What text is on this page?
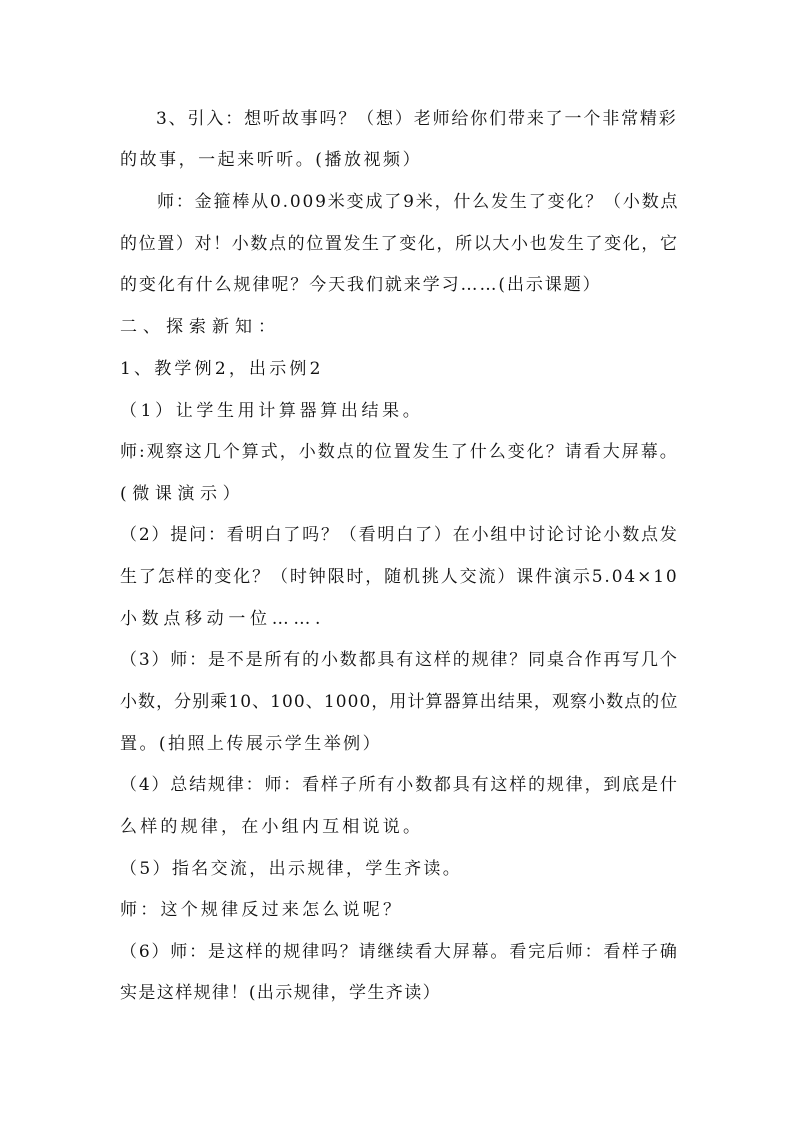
3、引入：想听故事吗？（想）老师给你们带来了一个非常精彩
的故事，一起来听听。(播放视频）
师：金箍棒从0.009米变成了9米，什么发生了变化？（小数点
的位置）对！小数点的位置发生了变化，所以大小也发生了变化，它
的变化有什么规律呢？今天我们就来学习……(出示课题）
二、探索新知：
1、教学例2，出示例2
（1）让学生用计算器算出结果。
师:观察这几个算式，小数点的位置发生了什么变化？请看大屏幕。
(微课演示）
（2）提问：看明白了吗？（看明白了）在小组中讨论讨论小数点发
生了怎样的变化？（时钟限时，随机挑人交流）课件演示5.04×10
小数点移动一位…….
（3）师：是不是所有的小数都具有这样的规律？同桌合作再写几个
小数，分别乘10、100、1000，用计算器算出结果，观察小数点的位
置。(拍照上传展示学生举例）
（4）总结规律：师：看样子所有小数都具有这样的规律，到底是什
么样的规律，在小组内互相说说。
（5）指名交流，出示规律，学生齐读。
师：这个规律反过来怎么说呢？
（6）师：是这样的规律吗？请继续看大屏幕。看完后师：看样子确
实是这样规律！(出示规律，学生齐读）
